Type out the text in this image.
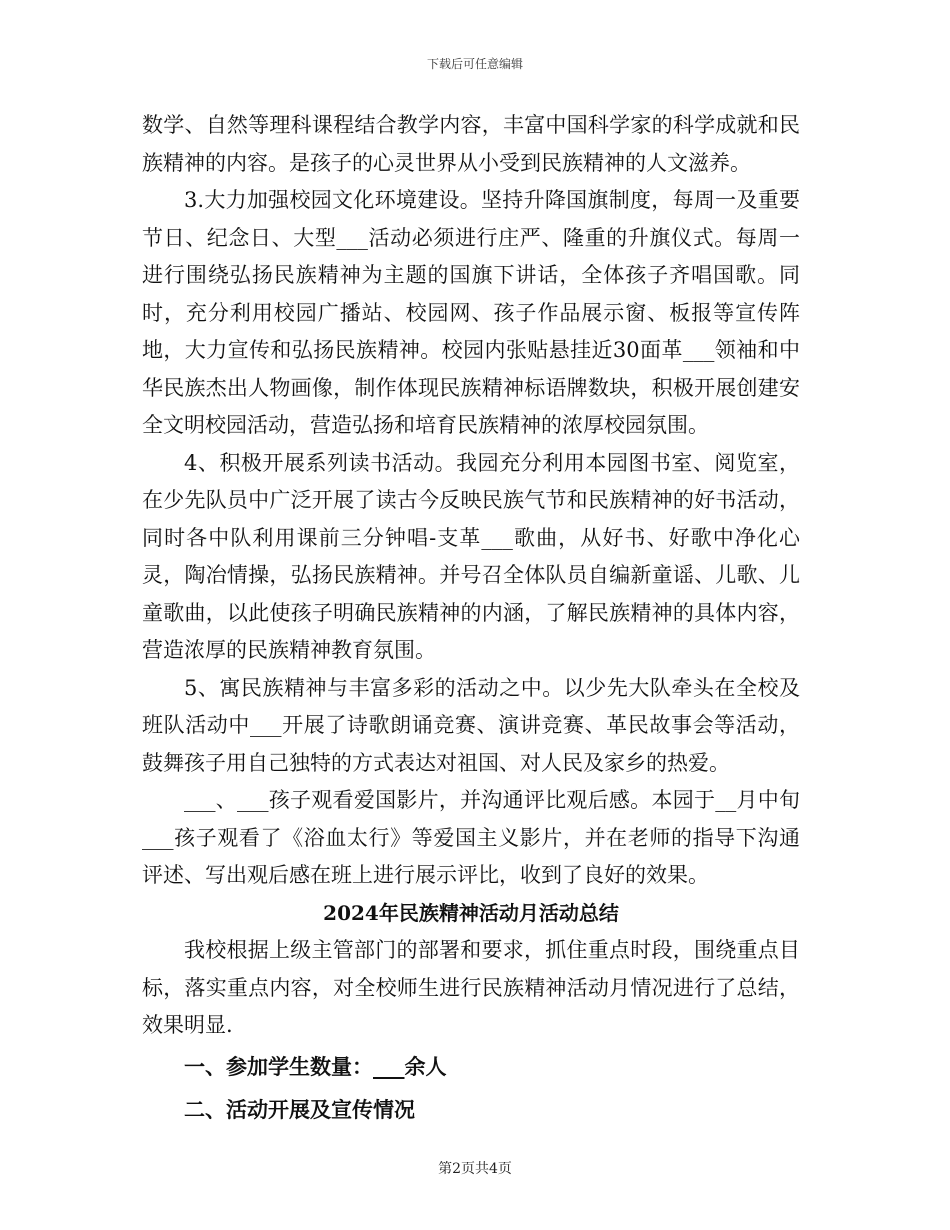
下载后可任意编辑

数学、自然等理科课程结合教学内容，丰富中国科学家的科学成就和民族精神的内容。是孩子的心灵世界从小受到民族精神的人文滋养。

3.大力加强校园文化环境建设。坚持升降国旗制度，每周一及重要节日、纪念日、大型___活动必须进行庄严、隆重的升旗仪式。每周一进行围绕弘扬民族精神为主题的国旗下讲话，全体孩子齐唱国歌。同时，充分利用校园广播站、校园网、孩子作品展示窗、板报等宣传阵地，大力宣传和弘扬民族精神。校园内张贴悬挂近30面革___领袖和中华民族杰出人物画像，制作体现民族精神标语牌数块，积极开展创建安全文明校园活动，营造弘扬和培育民族精神的浓厚校园氛围。

4、积极开展系列读书活动。我园充分利用本园图书室、阅览室，在少先队员中广泛开展了读古今反映民族气节和民族精神的好书活动，同时各中队利用课前三分钟唱-支革___歌曲，从好书、好歌中净化心灵，陶冶情操，弘扬民族精神。并号召全体队员自编新童谣、儿歌、儿童歌曲，以此使孩子明确民族精神的内涵，了解民族精神的具体内容，营造浓厚的民族精神教育氛围。

5、寓民族精神与丰富多彩的活动之中。以少先大队牵头在全校及班队活动中___开展了诗歌朗诵竞赛、演讲竞赛、革民故事会等活动，鼓舞孩子用自己独特的方式表达对祖国、对人民及家乡的热爱。

___、___孩子观看爱国影片，并沟通评比观后感。本园于__月中旬___孩子观看了《浴血太行》等爱国主义影片，并在老师的指导下沟通评述、写出观后感在班上进行展示评比，收到了良好的效果。

2024年民族精神活动月活动总结

我校根据上级主管部门的部署和要求，抓住重点时段，围绕重点目标，落实重点内容，对全校师生进行民族精神活动月情况进行了总结，效果明显.

一、参加学生数量：___余人

二、活动开展及宣传情况

第2页共4页
